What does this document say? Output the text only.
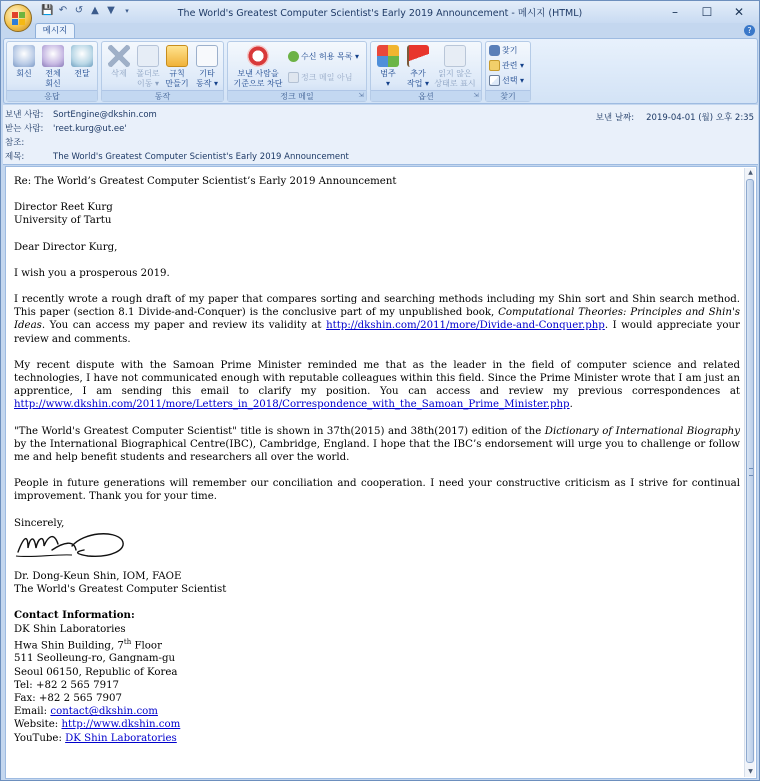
💾 ↶ ↺ ▲ ▼	▾	The World's Greatest Computer Scientist's Early 2019 Announcement - 메시지 (HTML)	–	☐	✕
메시지	?
회신	전체
회신
전달
응답
삭제	폴더로
이동 ▾
규칙
만들기
기타
동작 ▾
동작
보낸 사람을
기준으로 차단
수신 허용 목록 ▾
정크 메일 아님
정크 메일	⇲
범주
▾
추가
작업 ▾
읽지 않은
상태로 표시
옵션	⇲
찾기
관련 ▾
선택 ▾
찾기
보낸 사람: SortEngine@dkshin.com
받는 사람: 'reet.kurg@ut.ee'
참조:
제목:	The World's Greatest Computer Scientist's Early 2019 Announcement
보낸 날짜: 2019-04-01 (월) 오후 2:35

Re: The World’s Greatest Computer Scientist’s Early 2019 Announcement

Director Reet Kurg

University of Tartu

Dear Director Kurg,

I wish you a prosperous 2019.

I recently wrote a rough draft of my paper that compares sorting and searching methods including my Shin sort and Shin search method. This paper (section 8.1 Divide-and-Conquer) is the conclusive part of my unpublished book, Computational Theories: Principles and Shin's Ideas. You can access my paper and review its validity at http://dkshin.com/2011/more/Divide-and-Conquer.php. I would appreciate your review and comments.

My recent dispute with the Samoan Prime Minister reminded me that as the leader in the field of computer science and related technologies, I have not communicated enough with reputable colleagues within this field. Since the Prime Minister wrote that I am just an apprentice, I am sending this email to clarify my position. You can access and review my previous correspondences at http://www.dkshin.com/2011/more/Letters_in_2018/Correspondence_with_the_Samoan_Prime_Minister.php.

"The World's Greatest Computer Scientist" title is shown in 37th(2015) and 38th(2017) edition of the Dictionary of International Biography by the International Biographical Centre(IBC), Cambridge, England. I hope that the IBC’s endorsement will urge you to challenge or follow me and help benefit students and researchers all over the world.

People in future generations will remember our conciliation and cooperation. I need your constructive criticism as I strive for continual improvement. Thank you for your time.

Sincerely,

Dr. Dong-Keun Shin, IOM, FAOE

The World's Greatest Computer Scientist

Contact Information:

DK Shin Laboratories

Hwa Shin Building, 7th Floor

511 Seolleung-ro, Gangnam-gu

Seoul 06150, Republic of Korea

Tel: +82 2 565 7917

Fax: +82 2 565 7907

Email: contact@dkshin.com

Website: http://www.dkshin.com

YouTube: DK Shin Laboratories

▲
▼
